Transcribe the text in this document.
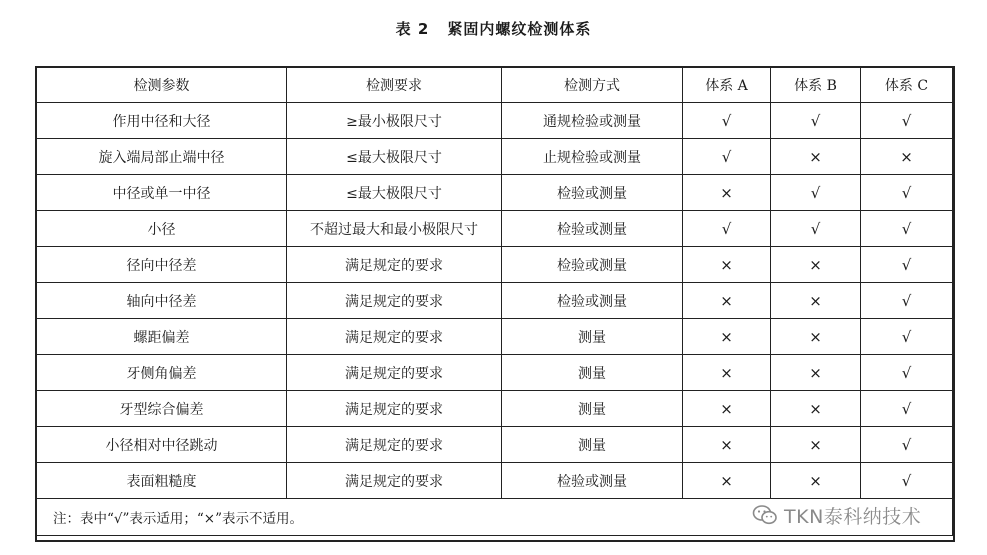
表 2 紧固内螺纹检测体系
检测参数	检测要求	检测方式	体系 A	体系 B	体系 C
作用中径和大径	≥最小极限尺寸	通规检验或测量	√	√	√
旋入端局部止端中径	≤最大极限尺寸	止规检验或测量	√	×	×
中径或单一中径	≤最大极限尺寸	检验或测量	×	√	√
小径	不超过最大和最小极限尺寸	检验或测量	√	√	√
径向中径差	满足规定的要求	检验或测量	×	×	√
轴向中径差	满足规定的要求	检验或测量	×	×	√
螺距偏差	满足规定的要求	测量	×	×	√
牙侧角偏差	满足规定的要求	测量	×	×	√
牙型综合偏差	满足规定的要求	测量	×	×	√
小径相对中径跳动	满足规定的要求	测量	×	×	√
表面粗糙度	满足规定的要求	检验或测量	×	×	√
注：表中“√”表示适用；“×”表示不适用。						TKN泰科纳技术
